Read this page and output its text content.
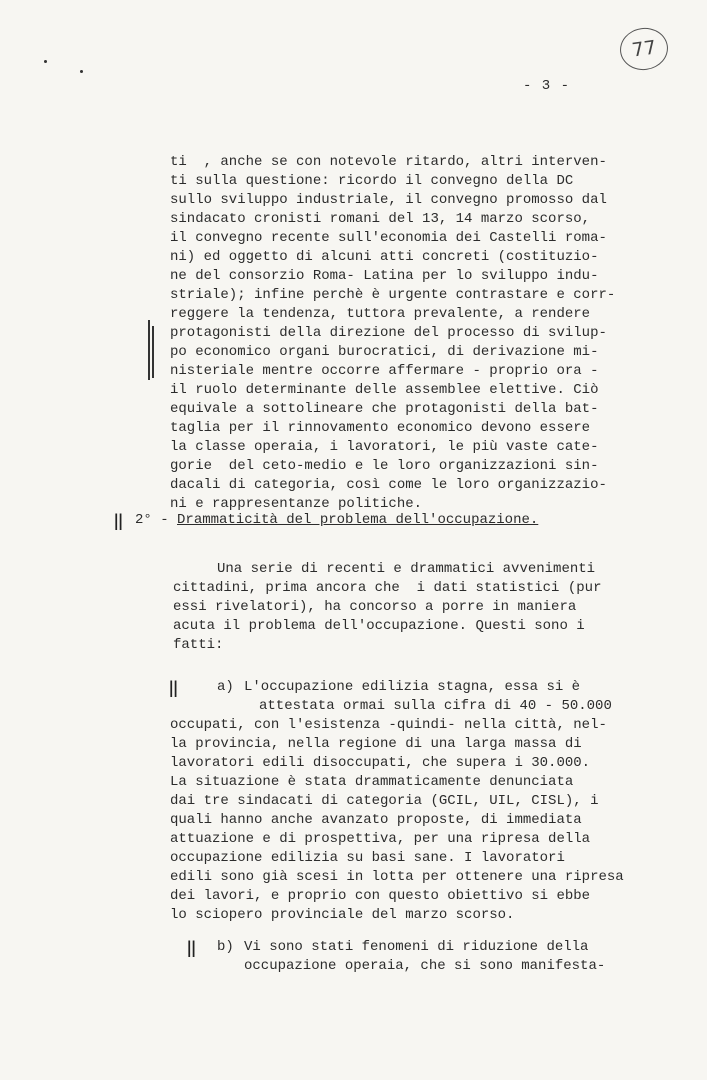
77
- 3 -
ti  , anche se con notevole ritardo, altri interven-
ti sulla questione: ricordo il convegno della DC
sullo sviluppo industriale, il convegno promosso dal
sindacato cronisti romani del 13, 14 marzo scorso,
il convegno recente sull'economia dei Castelli roma-
ni) ed oggetto di alcuni atti concreti (costituzio-
ne del consorzio Roma- Latina per lo sviluppo indu-
striale); infine perchè è urgente contrastare e corr-
reggere la tendenza, tuttora prevalente, a rendere
protagonisti della direzione del processo di svilup-
po economico organi burocratici, di derivazione mi-
nisteriale mentre occorre affermare - proprio ora -
il ruolo determinante delle assemblee elettive. Ciò
equivale a sottolineare che protagonisti della bat-
taglia per il rinnovamento economico devono essere
la classe operaia, i lavoratori, le più vaste cate-
gorie  del ceto-medio e le loro organizzazioni sin-
dacali di categoria, così come le loro organizzazio-
ni e rappresentanze politiche.
ǁ 2° - Drammaticità del problema dell'occupazione.
Una serie di recenti e drammatici avvenimenti
cittadini, prima ancora che  i dati statistici (pur
essi rivelatori), ha concorso a porre in maniera
acuta il problema dell'occupazione. Questi sono i
fatti:
ǁ	a) L'occupazione edilizia stagna, essa si è
attestata ormai sulla cifra di 40 - 50.000
occupati, con l'esistenza -quindi- nella città, nel-
la provincia, nella regione di una larga massa di
lavoratori edili disoccupati, che supera i 30.000.
La situazione è stata drammaticamente denunciata
dai tre sindacati di categoria (GCIL, UIL, CISL), i
quali hanno anche avanzato proposte, di immediata
attuazione e di prospettiva, per una ripresa della
occupazione edilizia su basi sane. I lavoratori
edili sono già scesi in lotta per ottenere una ripresa
dei lavori, e proprio con questo obiettivo si ebbe
lo sciopero provinciale del marzo scorso.
ǁ b) Vi sono stati fenomeni di riduzione della
occupazione operaia, che si sono manifesta-
